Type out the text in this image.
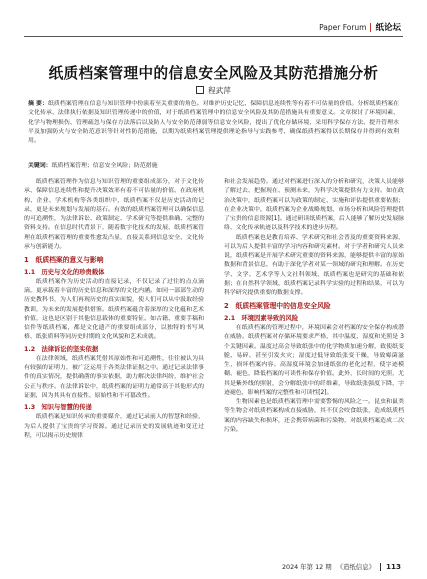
Paper Forum 纸论坛
纸质档案管理中的信息安全风险及其防范措施分析
程武萍
摘 要：纸质档案管理在信息与知识管理中扮演着至关重要的角色。对维护历史记忆、保障信息连续性等有着不可估量的价值。分析纸质档案在文化传承、法律执行依据及知识管理传递中的价值，对于纸质档案管理中的信息安全风险及其防范措施具有重要意义。文章探讨了环境因素、化学与物理损伤、管理疏忽与保存方法落后以及防人与安全防范薄弱等信息安全风险，提出了优化存储环境、采用科学保存方法、提升管理水平及加强防火与安全防范意识等针对性防范措施，以期为纸质档案管理提供理论指导与实践参考，确保纸质档案得以长期保存并得到有效利用。
关键词：纸质档案管理；信息安全风险；防范措施

纸质档案管理作为信息与知识管理的重要组成部分，对于文化传承、保障信息连续性和提升决策效率有着不可估量的价值。在政府机构、企业、学术机构等各类组织中，纸质档案不仅是历史活动的记录，更是未来规划与发展的基石。有效的纸质档案管理可以确保信息的可追溯性，为法律诉讼、政策制定、学术研究等提供准确、完整的资料支持。在信息时代背景下，随着数字化技术的发展，纸质档案管理在纸质档案管理的重要性愈发凸显，直接关系到信息安全、文化传承与创新能力。

1　纸质档案的意义与影响
1.1　历史与文化的珍贵载体

纸质档案作为历史活动的直接记录，不仅记录了过往的点点滴滴，更承载着丰富的历史信息和深厚的文化内涵。如同一部部生动的历史教科书，为人们再现历史的真实面貌，使人们可以从中汲取经验教训，为未来的发展提供借鉴。纸质档案蕴含着深厚的文化蕴和艺术价值，这也是区别于其他信息载体的重要特征。如古籍、重要手稿和信件等纸质档案，都是文化遗产的重要组成部分，以独特的书写风格、纸张质料等同历史时期的文化风貌和艺术成就。

1.2　法律诉讼的坚实依据

在法律领域，纸质档案凭借其原始性和可追溯性，往往被认为具有较强的证明力，被广泛运用于各类法律证据之中。通过记录法律事件的真实情况，提供确凿的事实依据，助力解决法律纠纷，维护社会公正与秩序。在法律诉讼中，纸质档案的证明力通常高于其他形式的证据，因为其具有直接性、原始性和不可篡改性。

1.3　知识与智慧的传递

纸质档案是知识传承的重要媒介，通过记录前人的智慧和经验，为后人提供了宝贵的学习资源。通过记录历史的发展轨迹和变迁过程，可以揭示历史规律

和社会发展趋势。通过对档案进行深入的分析和研究，决策人员能够了解过去、把握现在、预测未来，为科学决策提供有力支持。如在政治决策中，纸质档案可以为政策的制定、实施和评估提供重要依据；在企业决策中，纸质档案为企业战略规划、市场分析和风险管理提供了宝贵的信息资源[1]。通过研读纸质档案，后人能够了解历史发展脉络、文化传承轨迹以及科学技术的进步历程。

纸质档案也是教育培养、学术研究和社会普及的重要资料来源，可以为后人提供丰富的学习内容和研究素材。对于学者和研究人员来说，纸质档案是开展学术研究重要的资料来源，能够提供丰富的原始数据和背景信息，有助于深化学者对某一领域的研究和理解。在历史学、文学、艺术学等人文社科领域，纸质档案也是研究的基础和依据；在自然科学领域，纸质档案记录科学实验的过程和结果，可以为科学研究提供重要的数据支撑。

2　纸质档案管理中的信息安全风险
2.1　环境因素导致的风险

在纸质档案的管理过程中，环境因素会对档案的安全保存构成潜在威胁。纸质档案对存储环境要求严格，其中温度、湿度和光照是 3 个关键因素。温度过高会导致纸张中的化学物质加速分解，致使纸变脆、易碎、甚至引发火灾；湿度过低导致纸张变干燥，导致霉菌滋生，损坏档案内容。高湿度环境会加速纸张的老化过程，使字迹模糊、褪色，降低档案的可读性和保存价值。此外，长时间的光照，尤其是紫外线的照射，会分解纸张中的纤维素，导致纸张强度下降，字迹褪色，影响档案的完整性和可读性[2]。

生物因素也是纸质档案管理中需要警惕的风险之一。昆虫和鼠类等生物会对纸质档案构成直接威胁，其不仅会咬食纸张，造成纸质档案的内容缺失和损坏，还会携带病菌和污染物，对纸质档案造成二次污染。

2024 年第 12 期 《造纸信息》 113
